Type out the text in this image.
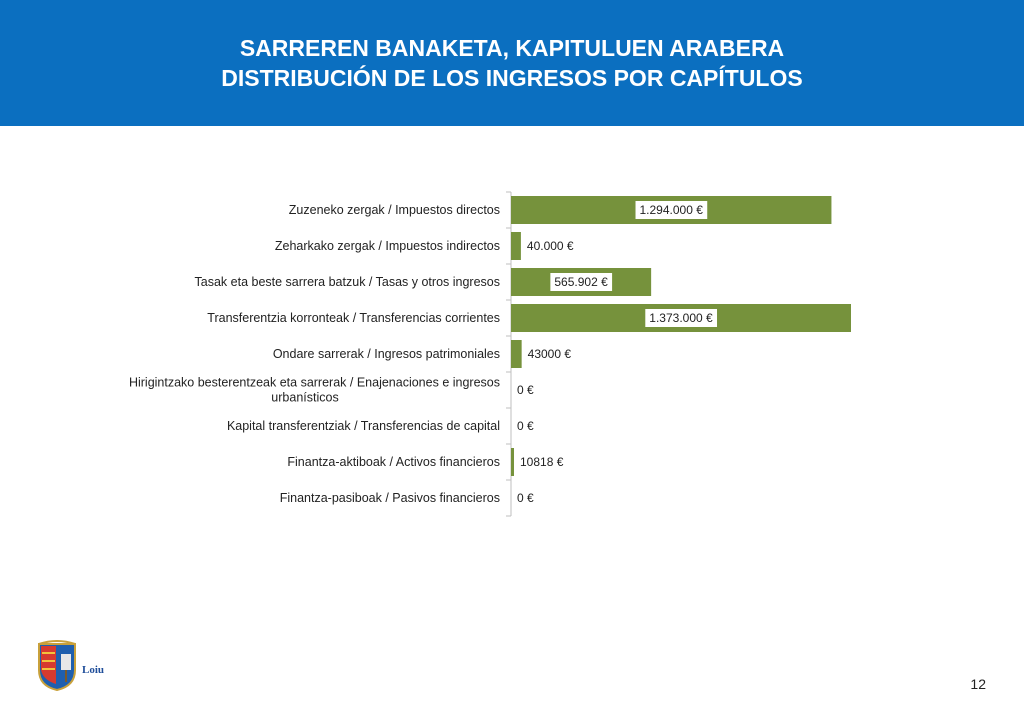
SARREREN BANAKETA, KAPITULUEN ARABERA
DISTRIBUCIÓN DE LOS INGRESOS POR CAPÍTULOS
Zuzeneko zergak / Impuestos directos	1.294.000 €
Zeharkako zergak / Impuestos indirectos 40.000 €
Tasak eta beste sarrera batzuk / Tasas y otros ingresos	565.902 €
Transferentzia korronteak / Transferencias corrientes	1.373.000 €
Ondare sarrerak / Ingresos patrimoniales 43000 €
Hirigintzako besterentzeak eta sarrerak / Enajenaciones e ingresos urbanísticos
0 €
Kapital transferentziak / Transferencias de capital 0 €
Finantza-aktiboak / Activos financieros 10818 €
Finantza-pasiboak / Pasivos financieros 0 €
Loiu
12
